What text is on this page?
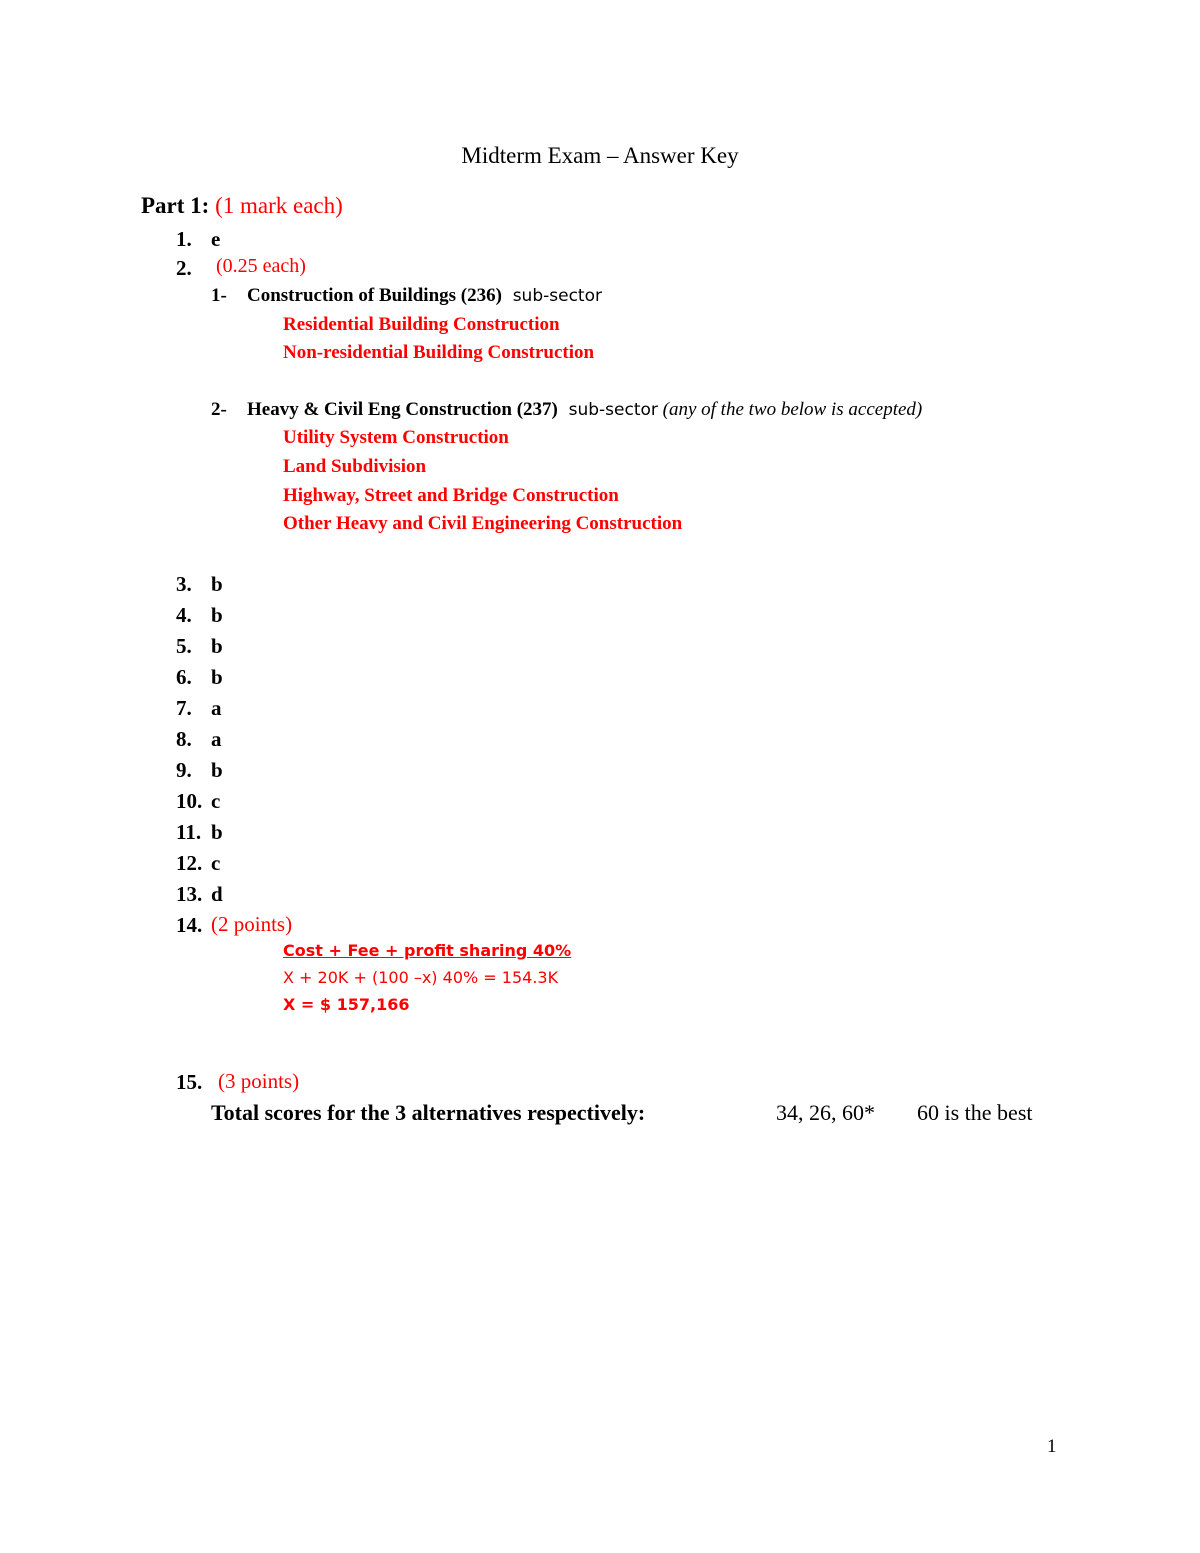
Midterm Exam – Answer Key
Part 1: (1 mark each)
1. e
2. (0.25 each)
1- Construction of Buildings (236) sub-sector
Residential Building Construction
Non-residential Building Construction
2- Heavy & Civil Eng Construction (237) sub-sector (any of the two below is accepted)
Utility System Construction
Land Subdivision
Highway, Street and Bridge Construction
Other Heavy and Civil Engineering Construction
3. b
4. b
5. b
6. b
7. a
8. a
9. b
10. c
11. b
12. c
13. d
14. (2 points)
Cost + Fee + profit sharing 40%
X + 20K + (100 –x) 40% = 154.3K
X = $ 157,166
15. (3 points)
Total scores for the 3 alternatives respectively:	34, 26, 60* 60 is the best
1
